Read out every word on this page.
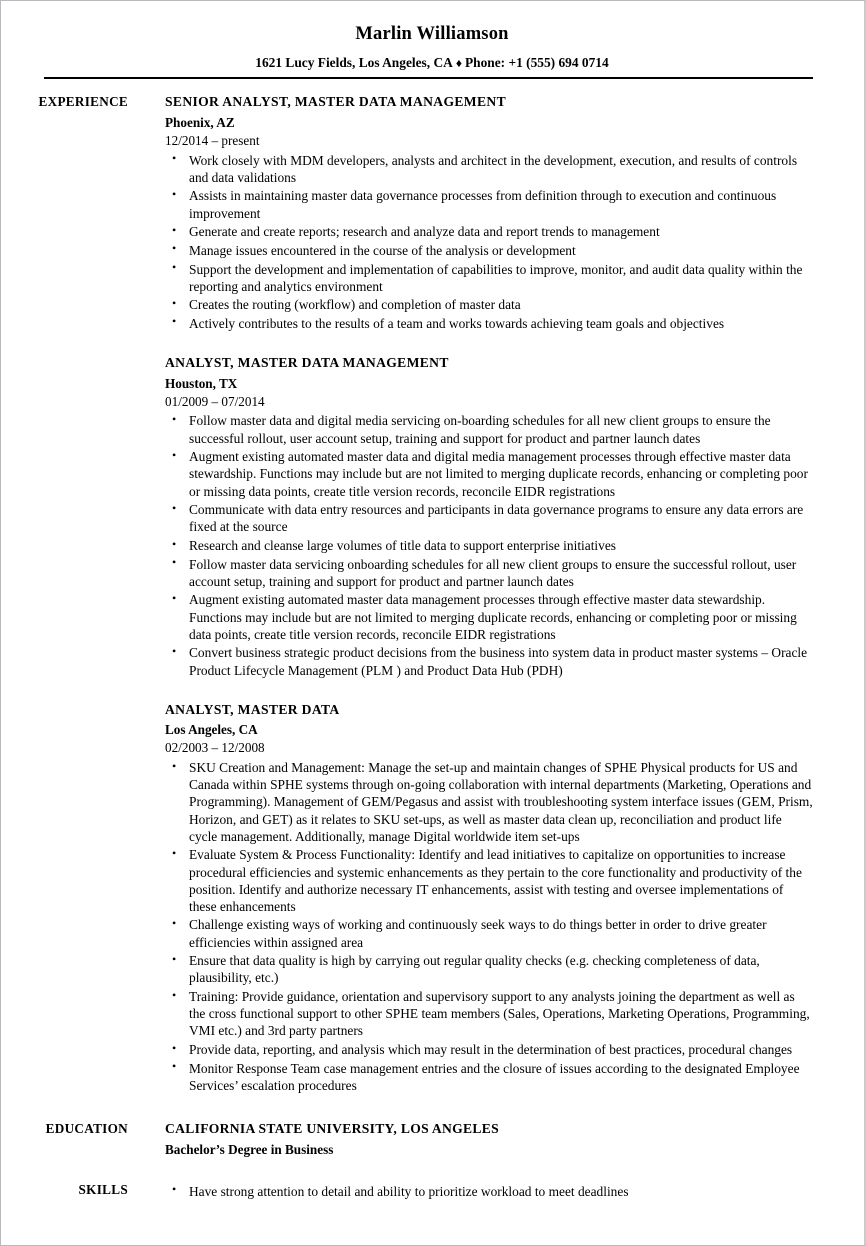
Marlin Williamson
1621 Lucy Fields, Los Angeles, CA ♦ Phone: +1 (555) 694 0714
EXPERIENCE	SENIOR ANALYST, MASTER DATA MANAGEMENT
Phoenix, AZ
12/2014 – present
• Work closely with MDM developers, analysts and architect in the development, execution, and results of controls and data validations
• Assists in maintaining master data governance processes from definition through to execution and continuous improvement
• Generate and create reports; research and analyze data and report trends to management
• Manage issues encountered in the course of the analysis or development
• Support the development and implementation of capabilities to improve, monitor, and audit data quality within the reporting and analytics environment
• Creates the routing (workflow) and completion of master data
• Actively contributes to the results of a team and works towards achieving team goals and objectives
ANALYST, MASTER DATA MANAGEMENT
Houston, TX
01/2009 – 07/2014
• Follow master data and digital media servicing on-boarding schedules for all new client groups to ensure the successful rollout, user account setup, training and support for product and partner launch dates
• Augment existing automated master data and digital media management processes through effective master data stewardship. Functions may include but are not limited to merging duplicate records, enhancing or completing poor or missing data points, create title version records, reconcile EIDR registrations
• Communicate with data entry resources and participants in data governance programs to ensure any data errors are fixed at the source
• Research and cleanse large volumes of title data to support enterprise initiatives
• Follow master data servicing onboarding schedules for all new client groups to ensure the successful rollout, user account setup, training and support for product and partner launch dates
• Augment existing automated master data management processes through effective master data stewardship. Functions may include but are not limited to merging duplicate records, enhancing or completing poor or missing data points, create title version records, reconcile EIDR registrations
• Convert business strategic product decisions from the business into system data in product master systems – Oracle Product Lifecycle Management (PLM ) and Product Data Hub (PDH)
ANALYST, MASTER DATA
Los Angeles, CA
02/2003 – 12/2008
• SKU Creation and Management: Manage the set-up and maintain changes of SPHE Physical products for US and Canada within SPHE systems through on-going collaboration with internal departments (Marketing, Operations and Programming). Management of GEM/Pegasus and assist with troubleshooting system interface issues (GEM, Prism, Horizon, and GET) as it relates to SKU set-ups, as well as master data clean up, reconciliation and product life cycle management. Additionally, manage Digital worldwide item set-ups
• Evaluate System & Process Functionality: Identify and lead initiatives to capitalize on opportunities to increase procedural efficiencies and systemic enhancements as they pertain to the core functionality and productivity of the position. Identify and authorize necessary IT enhancements, assist with testing and oversee implementations of these enhancements
• Challenge existing ways of working and continuously seek ways to do things better in order to drive greater efficiencies within assigned area
• Ensure that data quality is high by carrying out regular quality checks (e.g. checking completeness of data, plausibility, etc.)
• Training: Provide guidance, orientation and supervisory support to any analysts joining the department as well as the cross functional support to other SPHE team members (Sales, Operations, Marketing Operations, Programming, VMI etc.) and 3rd party partners
• Provide data, reporting, and analysis which may result in the determination of best practices, procedural changes
• Monitor Response Team case management entries and the closure of issues according to the designated Employee Services’ escalation procedures
EDUCATION	CALIFORNIA STATE UNIVERSITY, LOS ANGELES
Bachelor’s Degree in Business
SKILLS	• Have strong attention to detail and ability to prioritize workload to meet deadlines
